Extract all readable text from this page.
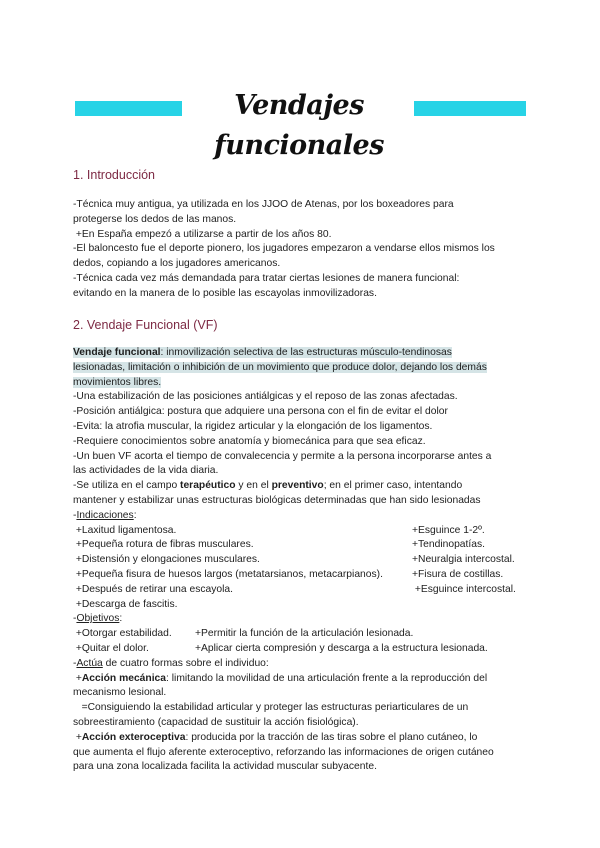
Vendajes funcionales
1. Introducción

-Técnica muy antigua, ya utilizada en los JJOO de Atenas, por los boxeadores para

protegerse los dedos de las manos.

+En España empezó a utilizarse a partir de los años 80.

-El baloncesto fue el deporte pionero, los jugadores empezaron a vendarse ellos mismos los

dedos, copiando a los jugadores americanos.

-Técnica cada vez más demandada para tratar ciertas lesiones de manera funcional:

evitando en la manera de lo posible las escayolas inmovilizadoras.

2. Vendaje Funcional (VF)

Vendaje funcional: inmovilización selectiva de las estructuras músculo-tendinosas

lesionadas, limitación o inhibición de un movimiento que produce dolor, dejando los demás

movimientos libres.

-Una estabilización de las posiciones antiálgicas y el reposo de las zonas afectadas.

-Posición antiálgica: postura que adquiere una persona con el fin de evitar el dolor

-Evita: la atrofia muscular, la rigidez articular y la elongación de los ligamentos.

-Requiere conocimientos sobre anatomía y biomecánica para que sea eficaz.

-Un buen VF acorta el tiempo de convalecencia y permite a la persona incorporarse antes a

las actividades de la vida diaria.

-Se utiliza en el campo terapéutico y en el preventivo; en el primer caso, intentando

mantener y estabilizar unas estructuras biológicas determinadas que han sido lesionadas

-Indicaciones:

+Laxitud ligamentosa.	+Esguince 1-2º.
+Pequeña rotura de fibras musculares.	+Tendinopatías.
+Distensión y elongaciones musculares.	+Neuralgia intercostal.
+Pequeña fisura de huesos largos (metatarsianos, metacarpianos).	+Fisura de costillas.
+Después de retirar una escayola.	+Esguince intercostal.
+Descarga de fascitis.

-Objetivos:

+Otorgar estabilidad. +Permitir la función de la articulación lesionada.
+Quitar el dolor.	+Aplicar cierta compresión y descarga a la estructura lesionada.

-Actúa de cuatro formas sobre el individuo:

+Acción mecánica: limitando la movilidad de una articulación frente a la reproducción del

mecanismo lesional.

=Consiguiendo la estabilidad articular y proteger las estructuras periarticulares de un

sobreestiramiento (capacidad de sustituir la acción fisiológica).

+Acción exteroceptiva: producida por la tracción de las tiras sobre el plano cutáneo, lo

que aumenta el flujo aferente exteroceptivo, reforzando las informaciones de origen cutáneo

para una zona localizada facilita la actividad muscular subyacente.
